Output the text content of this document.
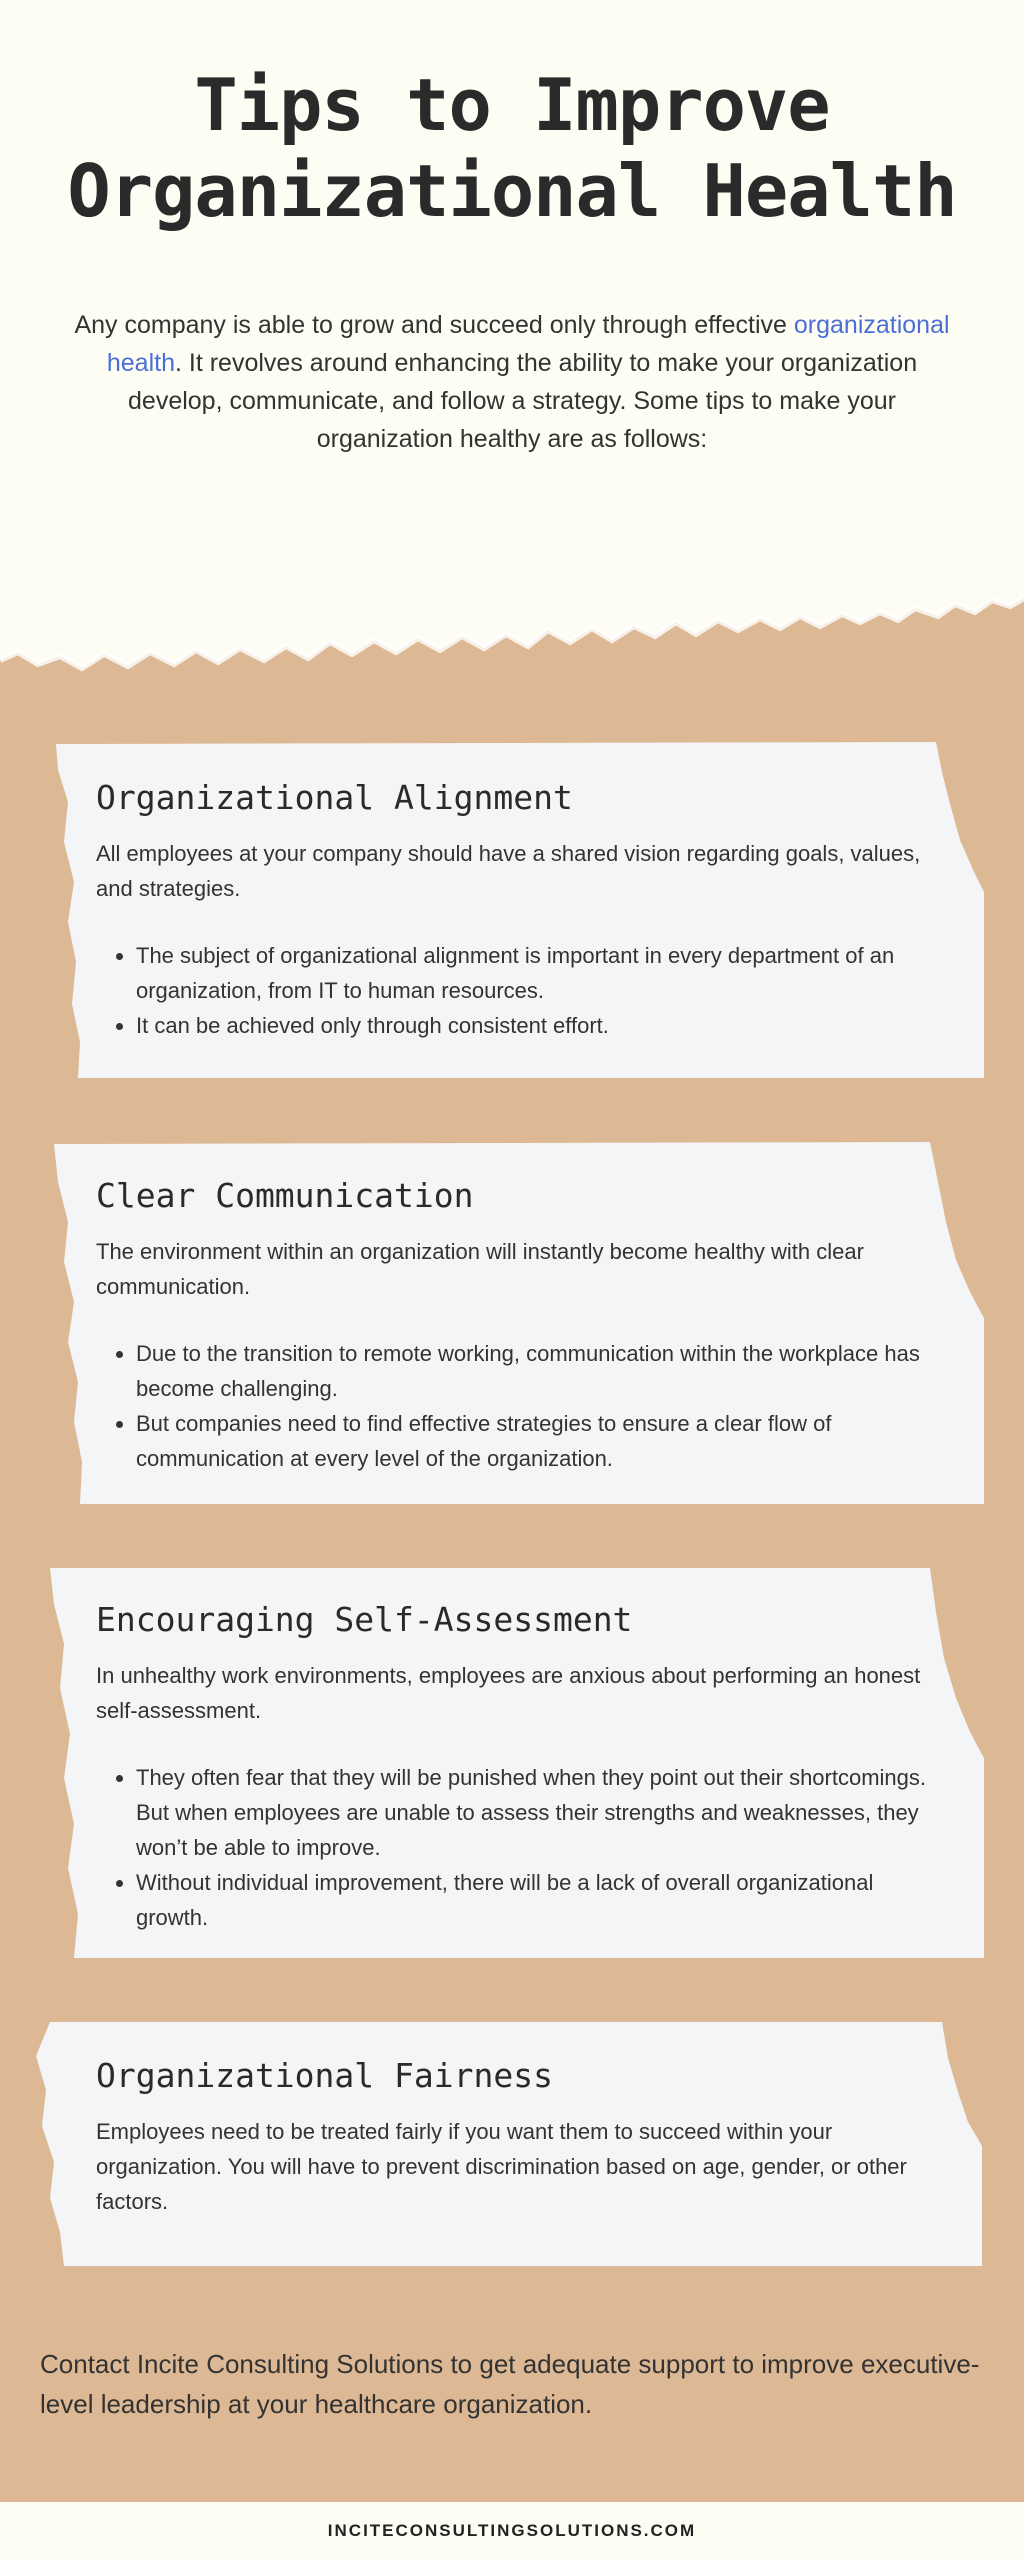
Tips to Improve
Organizational Health
Any company is able to grow and succeed only through effective organizational health. It revolves around enhancing the ability to make your organization develop, communicate, and follow a strategy. Some tips to make your organization healthy are as follows:
Organizational Alignment

All employees at your company should have a shared vision regarding goals, values, and strategies.

• The subject of organizational alignment is important in every department of an organization, from IT to human resources.
• It can be achieved only through consistent effort.
Clear Communication

The environment within an organization will instantly become healthy with clear communication.

• Due to the transition to remote working, communication within the workplace has become challenging.
• But companies need to find effective strategies to ensure a clear flow of communication at every level of the organization.
Encouraging Self-Assessment

In unhealthy work environments, employees are anxious about performing an honest self-assessment.

• They often fear that they will be punished when they point out their shortcomings. But when employees are unable to assess their strengths and weaknesses, they won’t be able to improve.
• Without individual improvement, there will be a lack of overall organizational growth.
Organizational Fairness

Employees need to be treated fairly if you want them to succeed within your organization. You will have to prevent discrimination based on age, gender, or other factors.

Contact Incite Consulting Solutions to get adequate support to improve executive-level leadership at your healthcare organization.
INCITECONSULTINGSOLUTIONS.COM
